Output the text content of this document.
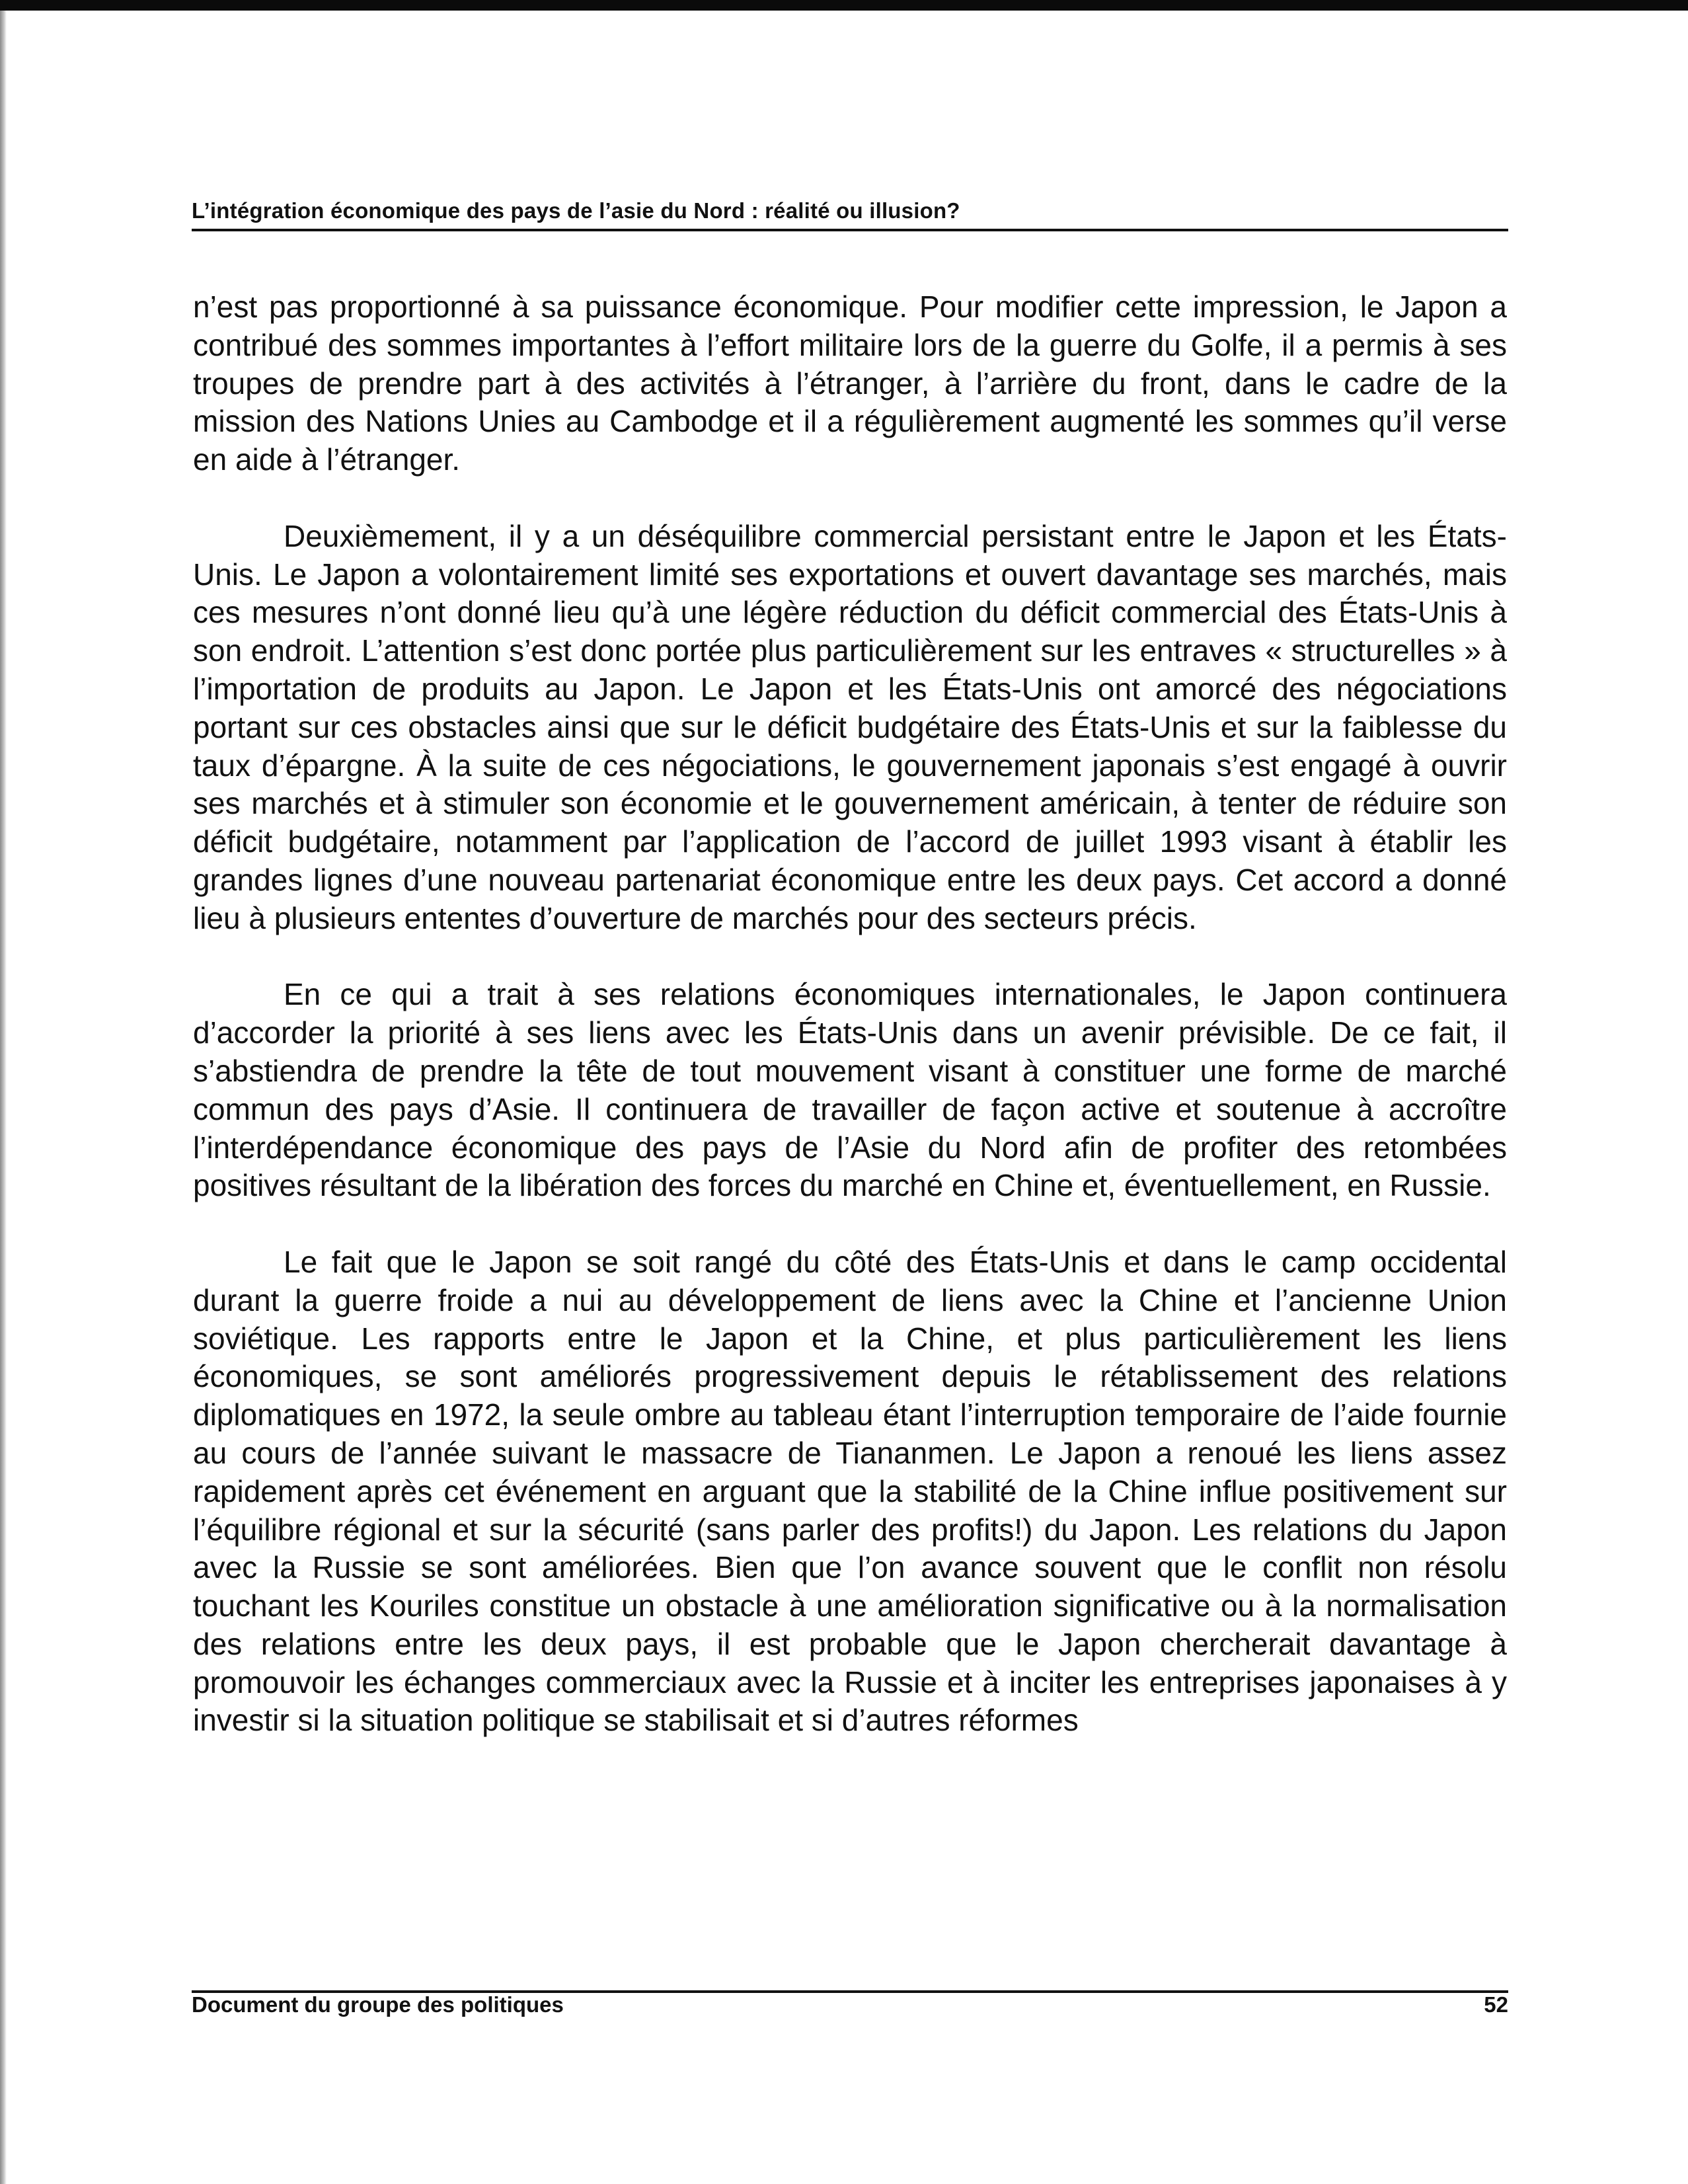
L’intégration économique des pays de l’asie du Nord : réalité ou illusion?

n’est pas proportionné à sa puissance économique. Pour modifier cette impression, le Japon a contribué des sommes importantes à l’effort militaire lors de la guerre du Golfe, il a permis à ses troupes de prendre part à des activités à l’étranger, à l’arrière du front, dans le cadre de la mission des Nations Unies au Cambodge et il a régulièrement augmenté les sommes qu’il verse en aide à l’étranger.

Deuxièmement, il y a un déséquilibre commercial persistant entre le Japon et les États-Unis. Le Japon a volontairement limité ses exportations et ouvert davantage ses marchés, mais ces mesures n’ont donné lieu qu’à une légère réduction du déficit commercial des États-Unis à son endroit. L’attention s’est donc portée plus particulièrement sur les entraves « structurelles » à l’importation de produits au Japon. Le Japon et les États-Unis ont amorcé des négociations portant sur ces obstacles ainsi que sur le déficit budgétaire des États-Unis et sur la faiblesse du taux d’épargne. À la suite de ces négociations, le gouvernement japonais s’est engagé à ouvrir ses marchés et à stimuler son économie et le gouvernement américain, à tenter de réduire son déficit budgétaire, notamment par l’application de l’accord de juillet 1993 visant à établir les grandes lignes d’une nouveau partenariat économique entre les deux pays. Cet accord a donné lieu à plusieurs ententes d’ouverture de marchés pour des secteurs précis.

En ce qui a trait à ses relations économiques internationales, le Japon continuera d’accorder la priorité à ses liens avec les États-Unis dans un avenir prévisible. De ce fait, il s’abstiendra de prendre la tête de tout mouvement visant à constituer une forme de marché commun des pays d’Asie. Il continuera de travailler de façon active et soutenue à accroître l’interdépendance économique des pays de l’Asie du Nord afin de profiter des retombées positives résultant de la libération des forces du marché en Chine et, éventuellement, en Russie.

Le fait que le Japon se soit rangé du côté des États-Unis et dans le camp occidental durant la guerre froide a nui au développement de liens avec la Chine et l’ancienne Union soviétique. Les rapports entre le Japon et la Chine, et plus particulièrement les liens économiques, se sont améliorés progressivement depuis le rétablissement des relations diplomatiques en 1972, la seule ombre au tableau étant l’interruption temporaire de l’aide fournie au cours de l’année suivant le massacre de Tiananmen. Le Japon a renoué les liens assez rapidement après cet événement en arguant que la stabilité de la Chine influe positivement sur l’équilibre régional et sur la sécurité (sans parler des profits!) du Japon. Les relations du Japon avec la Russie se sont améliorées. Bien que l’on avance souvent que le conflit non résolu touchant les Kouriles constitue un obstacle à une amélioration significative ou à la normalisation des relations entre les deux pays, il est probable que le Japon chercherait davantage à promouvoir les échanges commerciaux avec la Russie et à inciter les entreprises japonaises à y investir si la situation politique se stabilisait et si d’autres réformes

Document du groupe des politiques	52
